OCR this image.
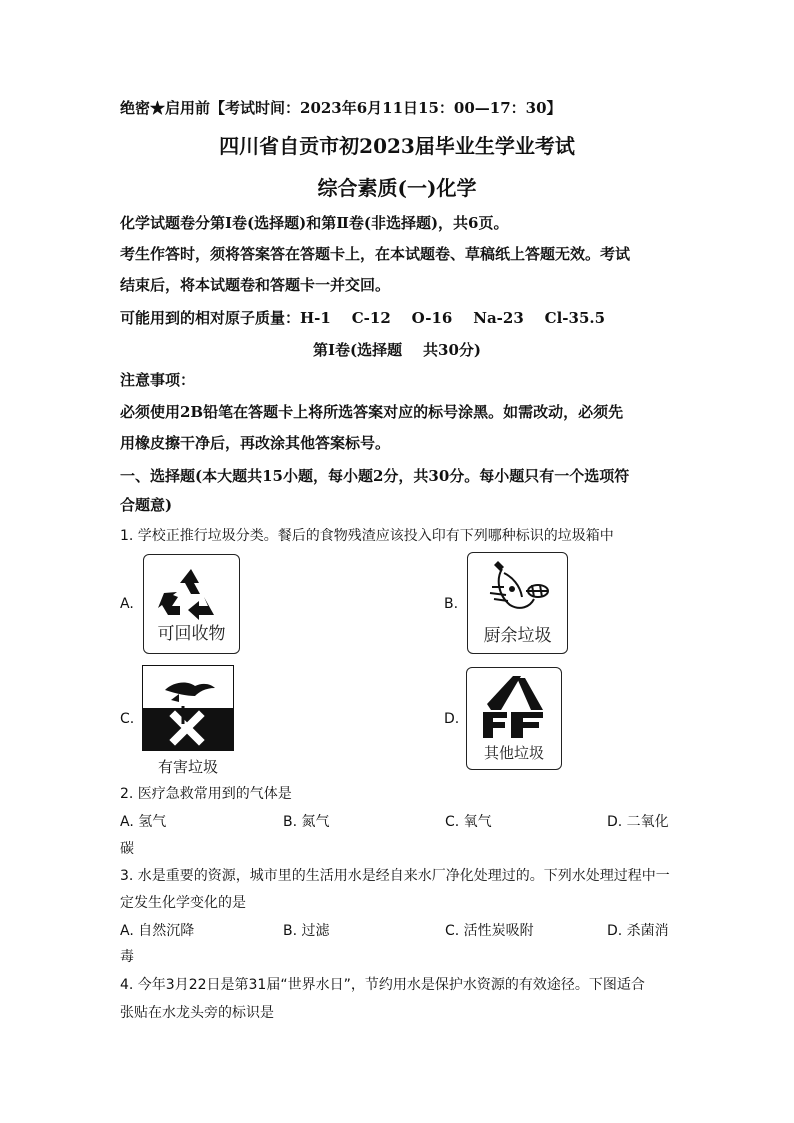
绝密★启用前【考试时间：2023年6月11日15：00—17：30】
四川省自贡市初2023届毕业生学业考试
综合素质(一)化学
化学试题卷分第I卷(选择题)和第Ⅱ卷(非选择题)，共6页。
考生作答时，须将答案答在答题卡上，在本试题卷、草稿纸上答题无效。考试
结束后，将本试题卷和答题卡一并交回。
可能用到的相对原子质量：H-1    C-12    O-16    Na-23    Cl-35.5
第I卷(选择题    共30分)
注意事项：
必须使用2B铅笔在答题卡上将所选答案对应的标号涂黑。如需改动，必须先
用橡皮擦干净后，再改涂其他答案标号。
一、选择题(本大题共15小题，每小题2分，共30分。每小题只有一个选项符
合题意)
1. 学校正推行垃圾分类。餐后的食物残渣应该投入印有下列哪种标识的垃圾箱中
A.
可回收物
B.
厨余垃圾
C.
有害垃圾
D.
其他垃圾
2. 医疗急救常用到的气体是
A. 氢气	B. 氮气	C. 氧气	D. 二氧化
碳
3. 水是重要的资源，城市里的生活用水是经自来水厂净化处理过的。下列水处理过程中一
定发生化学变化的是
A. 自然沉降	B. 过滤	C. 活性炭吸附	D. 杀菌消
毒
4. 今年3月22日是第31届“世界水日”，节约用水是保护水资源的有效途径。下图适合
张贴在水龙头旁的标识是
